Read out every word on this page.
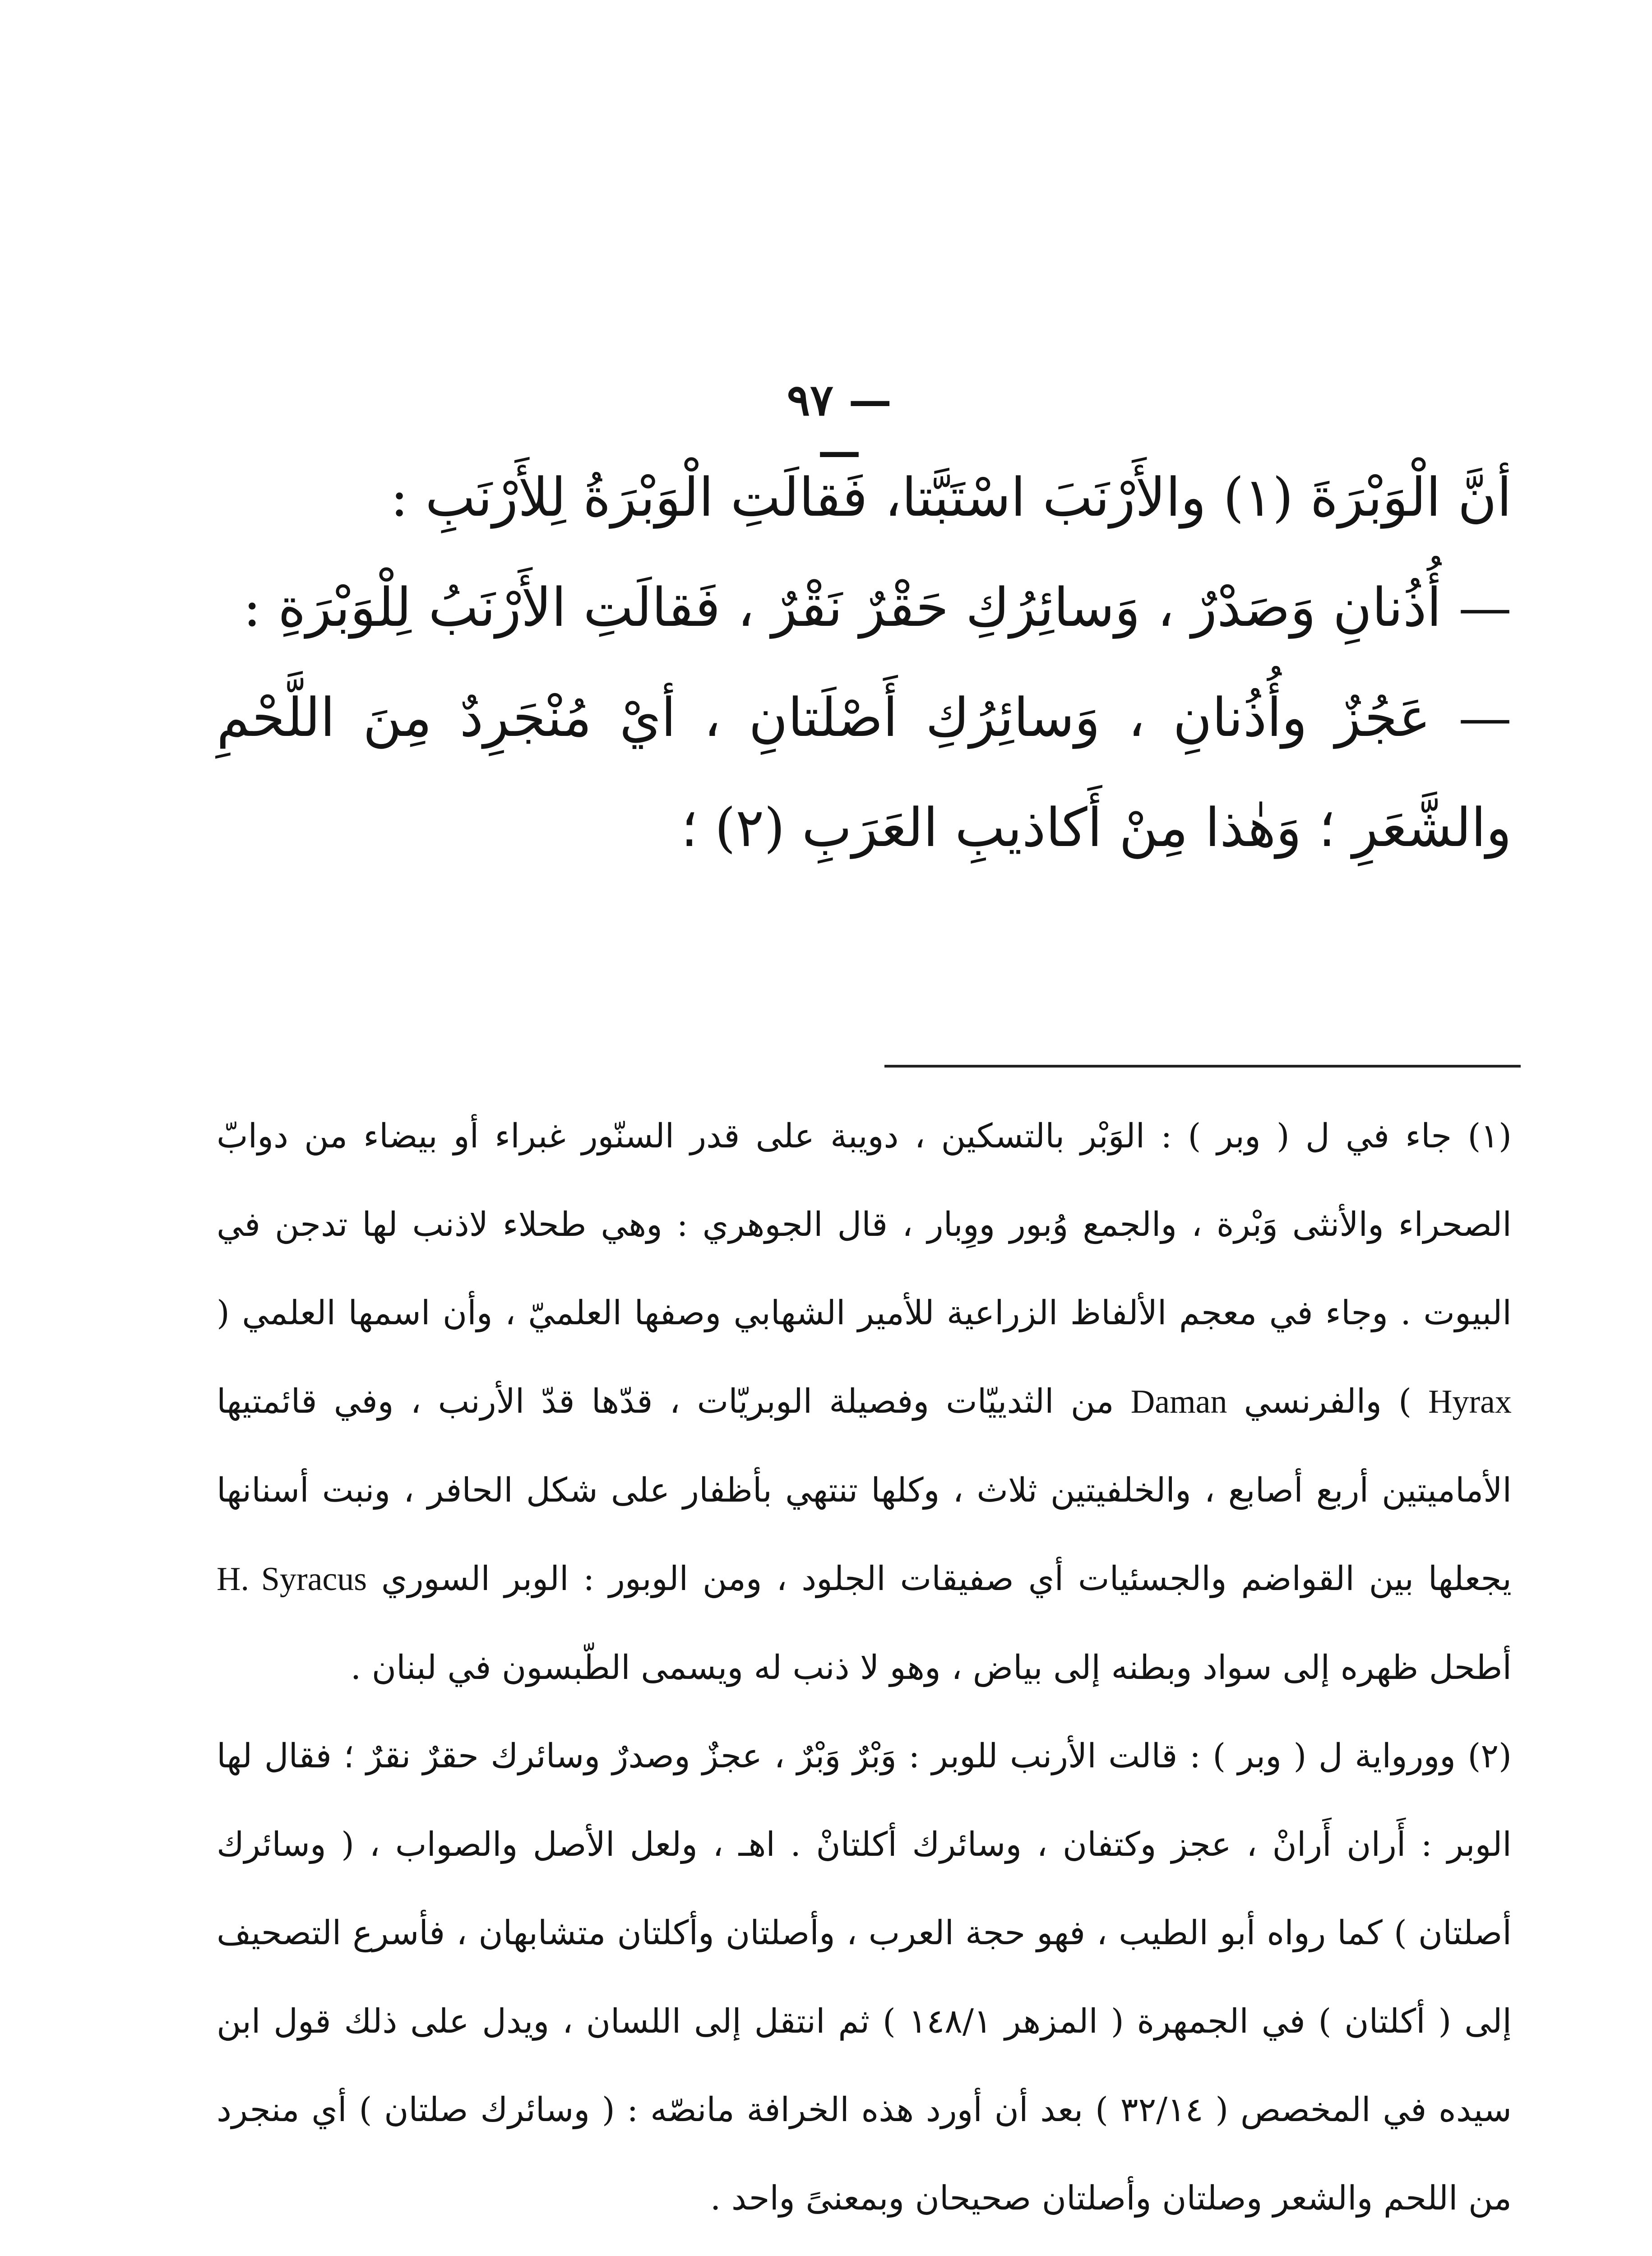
— ٩٧ —

أنَّ الْوَبْرَةَ (١) والأَرْنَبَ اسْتَبَّتا، فَقالَتِ الْوَبْرَةُ لِلأَرْنَبِ :

— أُذُنانِ وَصَدْرٌ ، وَسائِرُكِ حَقْرٌ نَقْرٌ ، فَقالَتِ الأَرْنَبُ لِلْوَبْرَةِ :

— عَجُزٌ وأُذُنانِ ، وَسائِرُكِ أَصْلَتانِ ، أيْ مُنْجَرِدٌ مِنَ اللَّحْمِ والشَّعَرِ ؛ وَهٰذا مِنْ أَكاذيبِ العَرَبِ (٢) ؛

(١) جاء في ل ( وبر ) : الوَبْر بالتسكين ، دويبة على قدر السنّور غبراء أو بيضاء من دوابّ الصحراء والأنثى وَبْرة ، والجمع وُبور ووِبار ، قال الجوهري : وهي طحلاء لاذنب لها تدجن في البيوت . وجاء في معجم الألفاظ الزراعية للأمير الشهابي وصفها العلميّ ، وأن اسمها العلمي ( Hyrax ) والفرنسي Daman من الثدييّات وفصيلة الوبريّات ، قدّها قدّ الأرنب ، وفي قائمتيها الأماميتين أربع أصابع ، والخلفيتين ثلاث ، وكلها تنتهي بأظفار على شكل الحافر ، ونبت أسنانها يجعلها بين القواضم والجسئيات أي صفيقات الجلود ، ومن الوبور : الوبر السوري H. Syracus أطحل ظهره إلى سواد وبطنه إلى بياض ، وهو لا ذنب له ويسمى الطّبسون في لبنان .

(٢) وورواية ل ( وبر ) : قالت الأرنب للوبر : وَبْرٌ وَبْرٌ ، عجزٌ وصدرٌ وسائرك حقرٌ نقرٌ ؛ فقال لها الوبر : أَران أَرانْ ، عجز وكتفان ، وسائرك أكلتانْ . اهـ ، ولعل الأصل والصواب ، ( وسائرك أصلتان ) كما رواه أبو الطيب ، فهو حجة العرب ، وأصلتان وأكلتان متشابهان ، فأسرع التصحيف إلى ( أكلتان ) في الجمهرة ( المزهر ١٤٨/١ ) ثم انتقل إلى اللسان ، ويدل على ذلك قول ابن سيده في المخصص ( ٣٢/١٤ ) بعد أن أورد هذه الخرافة مانصّه : ( وسائرك صلتان ) أي منجرد من اللحم والشعر وصلتان وأصلتان صحيحان وبمعنىً واحد .
